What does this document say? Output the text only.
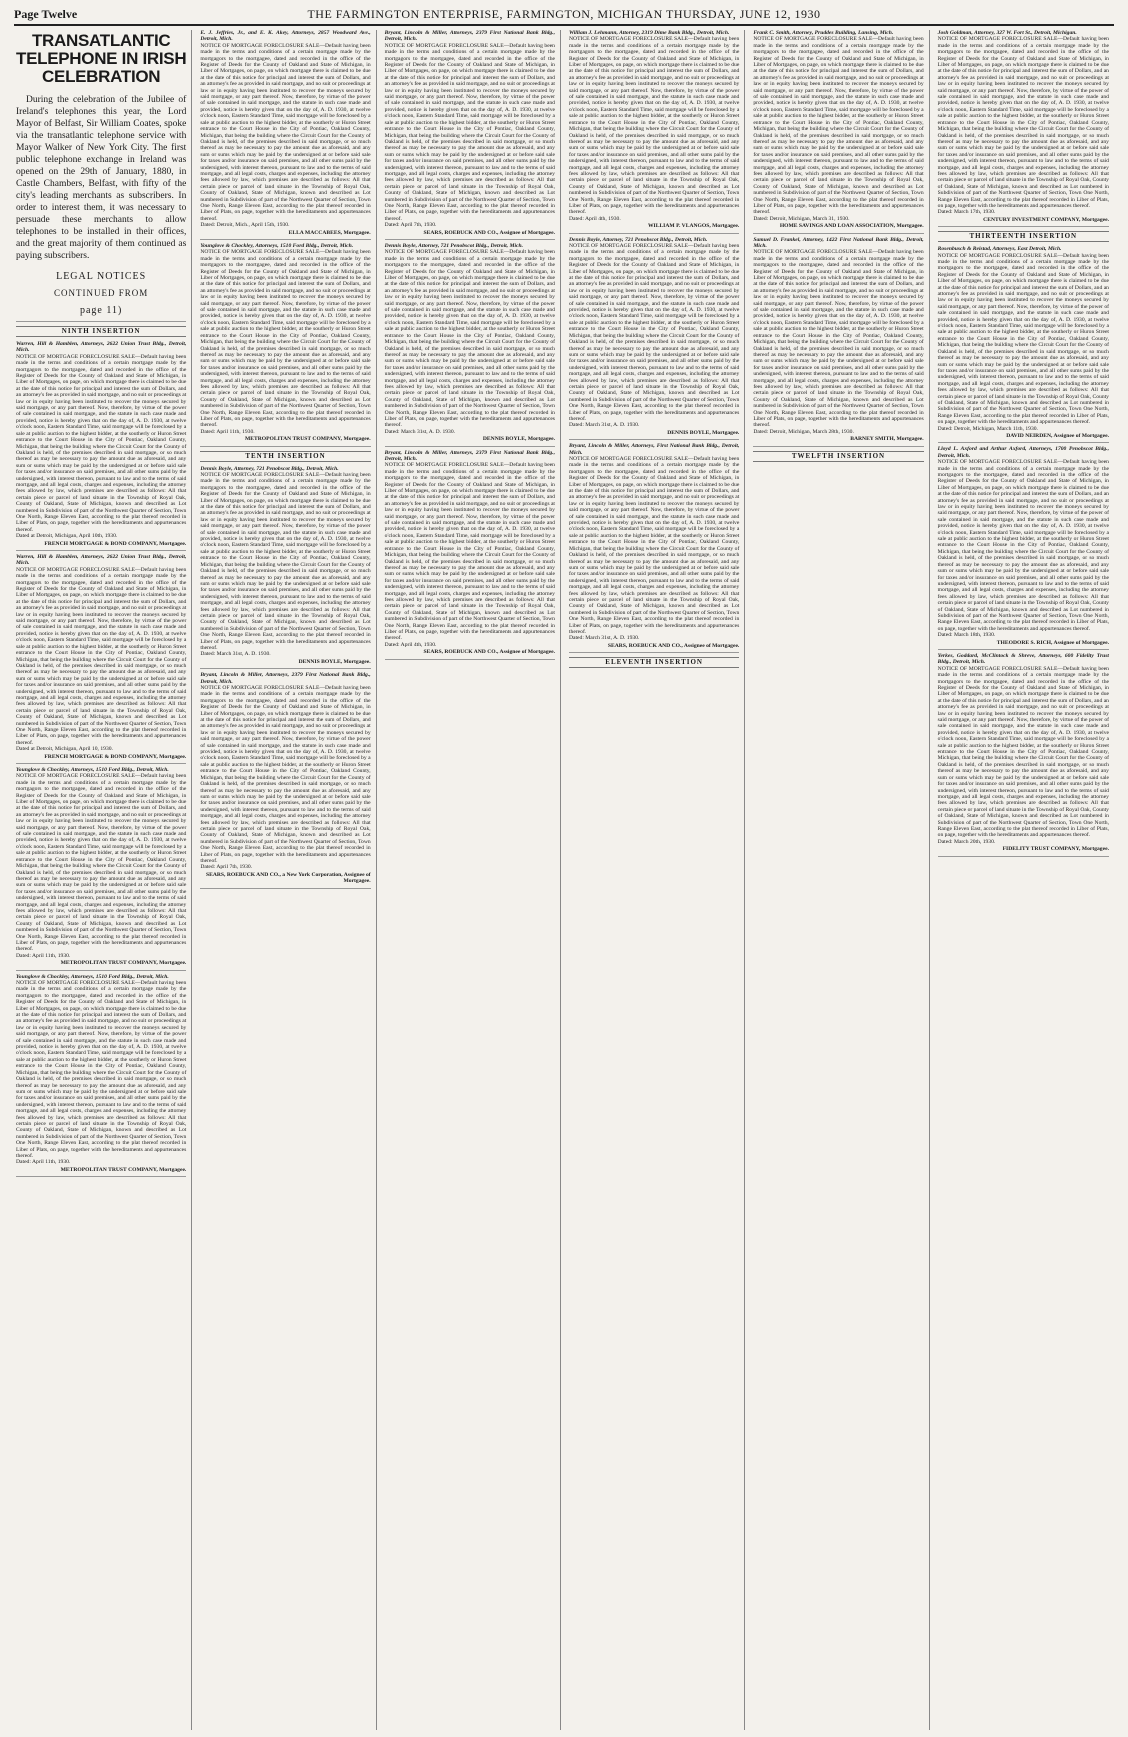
Page Twelve	THE FARMINGTON ENTERPRISE, FARMINGTON, MICHIGAN THURSDAY, JUNE 12, 1930
TRANSATLANTIC TELEPHONE IN IRISH CELEBRATION
During the celebration of the Jubilee of Ireland's telephones this year, the Lord Mayor of Belfast, Sir William Coates, spoke via the transatlantic telephone service with Mayor Walker of New York City. The first public telephone exchange in Ireland was opened on the 29th of January, 1880, in Castle Chambers, Belfast, with fifty of the city's leading merchants as subscribers. In order to interest them, it was necessary to persuade these merchants to allow telephones to be installed in their offices, and the great majority of them continued as paying subscribers.
LEGAL NOTICES
CONTINUED FROM
page 11)
NINTH INSERTION

Warren, Hill & Hamblen, Attorneys, 2622 Union Trust Bldg., Detroit, Mich.

NOTICE OF MORTGAGE FORECLOSURE SALE—Default having been made in the terms and conditions of a certain mortgage made by the mortgagors to the mortgagee, dated and recorded in the office of the Register of Deeds for the County of Oakland and State of Michigan, in Liber of Mortgages, on page, on which mortgage there is claimed to be due at the date of this notice for principal and interest the sum of Dollars, and an attorney's fee as provided in said mortgage, and no suit or proceedings at law or in equity having been instituted to recover the moneys secured by said mortgage, or any part thereof. Now, therefore, by virtue of the power of sale contained in said mortgage, and the statute in such case made and provided, notice is hereby given that on the day of, A. D. 1930, at twelve o'clock noon, Eastern Standard Time, said mortgage will be foreclosed by a sale at public auction to the highest bidder, at the southerly or Huron Street entrance to the Court House in the City of Pontiac, Oakland County, Michigan, that being the building where the Circuit Court for the County of Oakland is held, of the premises described in said mortgage, or so much thereof as may be necessary to pay the amount due as aforesaid, and any sum or sums which may be paid by the undersigned at or before said sale for taxes and/or insurance on said premises, and all other sums paid by the undersigned, with interest thereon, pursuant to law and to the terms of said mortgage, and all legal costs, charges and expenses, including the attorney fees allowed by law, which premises are described as follows: All that certain piece or parcel of land situate in the Township of Royal Oak, County of Oakland, State of Michigan, known and described as Lot numbered in Subdivision of part of the Northwest Quarter of Section, Town One North, Range Eleven East, according to the plat thereof recorded in Liber of Plats, on page, together with the hereditaments and appurtenances thereof.

Dated at Detroit, Michigan, April 10th, 1930.

FRENCH MORTGAGE & BOND COMPANY, Mortgagee.

Warren, Hill & Hamblen, Attorneys, 2622 Union Trust Bldg., Detroit, Mich.

NOTICE OF MORTGAGE FORECLOSURE SALE—Default having been made in the terms and conditions of a certain mortgage made by the mortgagors to the mortgagee, dated and recorded in the office of the Register of Deeds for the County of Oakland and State of Michigan, in Liber of Mortgages, on page, on which mortgage there is claimed to be due at the date of this notice for principal and interest the sum of Dollars, and an attorney's fee as provided in said mortgage, and no suit or proceedings at law or in equity having been instituted to recover the moneys secured by said mortgage, or any part thereof. Now, therefore, by virtue of the power of sale contained in said mortgage, and the statute in such case made and provided, notice is hereby given that on the day of, A. D. 1930, at twelve o'clock noon, Eastern Standard Time, said mortgage will be foreclosed by a sale at public auction to the highest bidder, at the southerly or Huron Street entrance to the Court House in the City of Pontiac, Oakland County, Michigan, that being the building where the Circuit Court for the County of Oakland is held, of the premises described in said mortgage, or so much thereof as may be necessary to pay the amount due as aforesaid, and any sum or sums which may be paid by the undersigned at or before said sale for taxes and/or insurance on said premises, and all other sums paid by the undersigned, with interest thereon, pursuant to law and to the terms of said mortgage, and all legal costs, charges and expenses, including the attorney fees allowed by law, which premises are described as follows: All that certain piece or parcel of land situate in the Township of Royal Oak, County of Oakland, State of Michigan, known and described as Lot numbered in Subdivision of part of the Northwest Quarter of Section, Town One North, Range Eleven East, according to the plat thereof recorded in Liber of Plats, on page, together with the hereditaments and appurtenances thereof.

Dated at Detroit, Michigan, April 10, 1930.

FRENCH MORTGAGE & BOND COMPANY, Mortgagee.

Younglove & Chockley, Attorneys, 1510 Ford Bldg., Detroit, Mich.

NOTICE OF MORTGAGE FORECLOSURE SALE—Default having been made in the terms and conditions of a certain mortgage made by the mortgagors to the mortgagee, dated and recorded in the office of the Register of Deeds for the County of Oakland and State of Michigan, in Liber of Mortgages, on page, on which mortgage there is claimed to be due at the date of this notice for principal and interest the sum of Dollars, and an attorney's fee as provided in said mortgage, and no suit or proceedings at law or in equity having been instituted to recover the moneys secured by said mortgage, or any part thereof. Now, therefore, by virtue of the power of sale contained in said mortgage, and the statute in such case made and provided, notice is hereby given that on the day of, A. D. 1930, at twelve o'clock noon, Eastern Standard Time, said mortgage will be foreclosed by a sale at public auction to the highest bidder, at the southerly or Huron Street entrance to the Court House in the City of Pontiac, Oakland County, Michigan, that being the building where the Circuit Court for the County of Oakland is held, of the premises described in said mortgage, or so much thereof as may be necessary to pay the amount due as aforesaid, and any sum or sums which may be paid by the undersigned at or before said sale for taxes and/or insurance on said premises, and all other sums paid by the undersigned, with interest thereon, pursuant to law and to the terms of said mortgage, and all legal costs, charges and expenses, including the attorney fees allowed by law, which premises are described as follows: All that certain piece or parcel of land situate in the Township of Royal Oak, County of Oakland, State of Michigan, known and described as Lot numbered in Subdivision of part of the Northwest Quarter of Section, Town One North, Range Eleven East, according to the plat thereof recorded in Liber of Plats, on page, together with the hereditaments and appurtenances thereof.

Dated: April 11th, 1930.

METROPOLITAN TRUST COMPANY, Mortgagee.

Younglove & Chockley, Attorneys, 1510 Ford Bldg., Detroit, Mich.

NOTICE OF MORTGAGE FORECLOSURE SALE—Default having been made in the terms and conditions of a certain mortgage made by the mortgagors to the mortgagee, dated and recorded in the office of the Register of Deeds for the County of Oakland and State of Michigan, in Liber of Mortgages, on page, on which mortgage there is claimed to be due at the date of this notice for principal and interest the sum of Dollars, and an attorney's fee as provided in said mortgage, and no suit or proceedings at law or in equity having been instituted to recover the moneys secured by said mortgage, or any part thereof. Now, therefore, by virtue of the power of sale contained in said mortgage, and the statute in such case made and provided, notice is hereby given that on the day of, A. D. 1930, at twelve o'clock noon, Eastern Standard Time, said mortgage will be foreclosed by a sale at public auction to the highest bidder, at the southerly or Huron Street entrance to the Court House in the City of Pontiac, Oakland County, Michigan, that being the building where the Circuit Court for the County of Oakland is held, of the premises described in said mortgage, or so much thereof as may be necessary to pay the amount due as aforesaid, and any sum or sums which may be paid by the undersigned at or before said sale for taxes and/or insurance on said premises, and all other sums paid by the undersigned, with interest thereon, pursuant to law and to the terms of said mortgage, and all legal costs, charges and expenses, including the attorney fees allowed by law, which premises are described as follows: All that certain piece or parcel of land situate in the Township of Royal Oak, County of Oakland, State of Michigan, known and described as Lot numbered in Subdivision of part of the Northwest Quarter of Section, Town One North, Range Eleven East, according to the plat thereof recorded in Liber of Plats, on page, together with the hereditaments and appurtenances thereof.

Dated: April 11th, 1930.

METROPOLITAN TRUST COMPANY, Mortgagee.

E. J. Jeffries, Jr., and E. K. Akey, Attorneys, 2857 Woodward Ave., Detroit, Mich.

NOTICE OF MORTGAGE FORECLOSURE SALE—Default having been made in the terms and conditions of a certain mortgage made by the mortgagors to the mortgagee, dated and recorded in the office of the Register of Deeds for the County of Oakland and State of Michigan, in Liber of Mortgages, on page, on which mortgage there is claimed to be due at the date of this notice for principal and interest the sum of Dollars, and an attorney's fee as provided in said mortgage, and no suit or proceedings at law or in equity having been instituted to recover the moneys secured by said mortgage, or any part thereof. Now, therefore, by virtue of the power of sale contained in said mortgage, and the statute in such case made and provided, notice is hereby given that on the day of, A. D. 1930, at twelve o'clock noon, Eastern Standard Time, said mortgage will be foreclosed by a sale at public auction to the highest bidder, at the southerly or Huron Street entrance to the Court House in the City of Pontiac, Oakland County, Michigan, that being the building where the Circuit Court for the County of Oakland is held, of the premises described in said mortgage, or so much thereof as may be necessary to pay the amount due as aforesaid, and any sum or sums which may be paid by the undersigned at or before said sale for taxes and/or insurance on said premises, and all other sums paid by the undersigned, with interest thereon, pursuant to law and to the terms of said mortgage, and all legal costs, charges and expenses, including the attorney fees allowed by law, which premises are described as follows: All that certain piece or parcel of land situate in the Township of Royal Oak, County of Oakland, State of Michigan, known and described as Lot numbered in Subdivision of part of the Northwest Quarter of Section, Town One North, Range Eleven East, according to the plat thereof recorded in Liber of Plats, on page, together with the hereditaments and appurtenances thereof.

Dated: Detroit, Mich., April 15th, 1930.

ELLA MACCABEES, Mortgagee.

Younglove & Chockley, Attorneys, 1510 Ford Bldg., Detroit, Mich.

NOTICE OF MORTGAGE FORECLOSURE SALE—Default having been made in the terms and conditions of a certain mortgage made by the mortgagors to the mortgagee, dated and recorded in the office of the Register of Deeds for the County of Oakland and State of Michigan, in Liber of Mortgages, on page, on which mortgage there is claimed to be due at the date of this notice for principal and interest the sum of Dollars, and an attorney's fee as provided in said mortgage, and no suit or proceedings at law or in equity having been instituted to recover the moneys secured by said mortgage, or any part thereof. Now, therefore, by virtue of the power of sale contained in said mortgage, and the statute in such case made and provided, notice is hereby given that on the day of, A. D. 1930, at twelve o'clock noon, Eastern Standard Time, said mortgage will be foreclosed by a sale at public auction to the highest bidder, at the southerly or Huron Street entrance to the Court House in the City of Pontiac, Oakland County, Michigan, that being the building where the Circuit Court for the County of Oakland is held, of the premises described in said mortgage, or so much thereof as may be necessary to pay the amount due as aforesaid, and any sum or sums which may be paid by the undersigned at or before said sale for taxes and/or insurance on said premises, and all other sums paid by the undersigned, with interest thereon, pursuant to law and to the terms of said mortgage, and all legal costs, charges and expenses, including the attorney fees allowed by law, which premises are described as follows: All that certain piece or parcel of land situate in the Township of Royal Oak, County of Oakland, State of Michigan, known and described as Lot numbered in Subdivision of part of the Northwest Quarter of Section, Town One North, Range Eleven East, according to the plat thereof recorded in Liber of Plats, on page, together with the hereditaments and appurtenances thereof.

Dated: April 11th, 1930.

METROPOLITAN TRUST COMPANY, Mortgagee.

TENTH INSERTION

Dennis Boyle, Attorney, 721 Penobscot Bldg., Detroit, Mich.

NOTICE OF MORTGAGE FORECLOSURE SALE—Default having been made in the terms and conditions of a certain mortgage made by the mortgagors to the mortgagee, dated and recorded in the office of the Register of Deeds for the County of Oakland and State of Michigan, in Liber of Mortgages, on page, on which mortgage there is claimed to be due at the date of this notice for principal and interest the sum of Dollars, and an attorney's fee as provided in said mortgage, and no suit or proceedings at law or in equity having been instituted to recover the moneys secured by said mortgage, or any part thereof. Now, therefore, by virtue of the power of sale contained in said mortgage, and the statute in such case made and provided, notice is hereby given that on the day of, A. D. 1930, at twelve o'clock noon, Eastern Standard Time, said mortgage will be foreclosed by a sale at public auction to the highest bidder, at the southerly or Huron Street entrance to the Court House in the City of Pontiac, Oakland County, Michigan, that being the building where the Circuit Court for the County of Oakland is held, of the premises described in said mortgage, or so much thereof as may be necessary to pay the amount due as aforesaid, and any sum or sums which may be paid by the undersigned at or before said sale for taxes and/or insurance on said premises, and all other sums paid by the undersigned, with interest thereon, pursuant to law and to the terms of said mortgage, and all legal costs, charges and expenses, including the attorney fees allowed by law, which premises are described as follows: All that certain piece or parcel of land situate in the Township of Royal Oak, County of Oakland, State of Michigan, known and described as Lot numbered in Subdivision of part of the Northwest Quarter of Section, Town One North, Range Eleven East, according to the plat thereof recorded in Liber of Plats, on page, together with the hereditaments and appurtenances thereof.

Dated: March 31st, A. D. 1930.

DENNIS BOYLE, Mortgagee.

Bryant, Lincoln & Miller, Attorneys, 2379 First National Bank Bldg., Detroit, Mich.

NOTICE OF MORTGAGE FORECLOSURE SALE—Default having been made in the terms and conditions of a certain mortgage made by the mortgagors to the mortgagee, dated and recorded in the office of the Register of Deeds for the County of Oakland and State of Michigan, in Liber of Mortgages, on page, on which mortgage there is claimed to be due at the date of this notice for principal and interest the sum of Dollars, and an attorney's fee as provided in said mortgage, and no suit or proceedings at law or in equity having been instituted to recover the moneys secured by said mortgage, or any part thereof. Now, therefore, by virtue of the power of sale contained in said mortgage, and the statute in such case made and provided, notice is hereby given that on the day of, A. D. 1930, at twelve o'clock noon, Eastern Standard Time, said mortgage will be foreclosed by a sale at public auction to the highest bidder, at the southerly or Huron Street entrance to the Court House in the City of Pontiac, Oakland County, Michigan, that being the building where the Circuit Court for the County of Oakland is held, of the premises described in said mortgage, or so much thereof as may be necessary to pay the amount due as aforesaid, and any sum or sums which may be paid by the undersigned at or before said sale for taxes and/or insurance on said premises, and all other sums paid by the undersigned, with interest thereon, pursuant to law and to the terms of said mortgage, and all legal costs, charges and expenses, including the attorney fees allowed by law, which premises are described as follows: All that certain piece or parcel of land situate in the Township of Royal Oak, County of Oakland, State of Michigan, known and described as Lot numbered in Subdivision of part of the Northwest Quarter of Section, Town One North, Range Eleven East, according to the plat thereof recorded in Liber of Plats, on page, together with the hereditaments and appurtenances thereof.

Dated: April 7th, 1930.

SEARS, ROEBUCK AND CO., a New York Corporation, Assignee of Mortgagee.

Bryant, Lincoln & Miller, Attorneys, 2379 First National Bank Bldg., Detroit, Mich.

NOTICE OF MORTGAGE FORECLOSURE SALE—Default having been made in the terms and conditions of a certain mortgage made by the mortgagors to the mortgagee, dated and recorded in the office of the Register of Deeds for the County of Oakland and State of Michigan, in Liber of Mortgages, on page, on which mortgage there is claimed to be due at the date of this notice for principal and interest the sum of Dollars, and an attorney's fee as provided in said mortgage, and no suit or proceedings at law or in equity having been instituted to recover the moneys secured by said mortgage, or any part thereof. Now, therefore, by virtue of the power of sale contained in said mortgage, and the statute in such case made and provided, notice is hereby given that on the day of, A. D. 1930, at twelve o'clock noon, Eastern Standard Time, said mortgage will be foreclosed by a sale at public auction to the highest bidder, at the southerly or Huron Street entrance to the Court House in the City of Pontiac, Oakland County, Michigan, that being the building where the Circuit Court for the County of Oakland is held, of the premises described in said mortgage, or so much thereof as may be necessary to pay the amount due as aforesaid, and any sum or sums which may be paid by the undersigned at or before said sale for taxes and/or insurance on said premises, and all other sums paid by the undersigned, with interest thereon, pursuant to law and to the terms of said mortgage, and all legal costs, charges and expenses, including the attorney fees allowed by law, which premises are described as follows: All that certain piece or parcel of land situate in the Township of Royal Oak, County of Oakland, State of Michigan, known and described as Lot numbered in Subdivision of part of the Northwest Quarter of Section, Town One North, Range Eleven East, according to the plat thereof recorded in Liber of Plats, on page, together with the hereditaments and appurtenances thereof.

Dated: April 7th, 1930.

SEARS, ROEBUCK AND CO., Assignee of Mortgagee.

Dennis Boyle, Attorney, 721 Penobscot Bldg., Detroit, Mich.

NOTICE OF MORTGAGE FORECLOSURE SALE—Default having been made in the terms and conditions of a certain mortgage made by the mortgagors to the mortgagee, dated and recorded in the office of the Register of Deeds for the County of Oakland and State of Michigan, in Liber of Mortgages, on page, on which mortgage there is claimed to be due at the date of this notice for principal and interest the sum of Dollars, and an attorney's fee as provided in said mortgage, and no suit or proceedings at law or in equity having been instituted to recover the moneys secured by said mortgage, or any part thereof. Now, therefore, by virtue of the power of sale contained in said mortgage, and the statute in such case made and provided, notice is hereby given that on the day of, A. D. 1930, at twelve o'clock noon, Eastern Standard Time, said mortgage will be foreclosed by a sale at public auction to the highest bidder, at the southerly or Huron Street entrance to the Court House in the City of Pontiac, Oakland County, Michigan, that being the building where the Circuit Court for the County of Oakland is held, of the premises described in said mortgage, or so much thereof as may be necessary to pay the amount due as aforesaid, and any sum or sums which may be paid by the undersigned at or before said sale for taxes and/or insurance on said premises, and all other sums paid by the undersigned, with interest thereon, pursuant to law and to the terms of said mortgage, and all legal costs, charges and expenses, including the attorney fees allowed by law, which premises are described as follows: All that certain piece or parcel of land situate in the Township of Royal Oak, County of Oakland, State of Michigan, known and described as Lot numbered in Subdivision of part of the Northwest Quarter of Section, Town One North, Range Eleven East, according to the plat thereof recorded in Liber of Plats, on page, together with the hereditaments and appurtenances thereof.

Dated: March 31st, A. D. 1930.

DENNIS BOYLE, Mortgagee.

Bryant, Lincoln & Miller, Attorneys, 2379 First National Bank Bldg., Detroit, Mich.

NOTICE OF MORTGAGE FORECLOSURE SALE—Default having been made in the terms and conditions of a certain mortgage made by the mortgagors to the mortgagee, dated and recorded in the office of the Register of Deeds for the County of Oakland and State of Michigan, in Liber of Mortgages, on page, on which mortgage there is claimed to be due at the date of this notice for principal and interest the sum of Dollars, and an attorney's fee as provided in said mortgage, and no suit or proceedings at law or in equity having been instituted to recover the moneys secured by said mortgage, or any part thereof. Now, therefore, by virtue of the power of sale contained in said mortgage, and the statute in such case made and provided, notice is hereby given that on the day of, A. D. 1930, at twelve o'clock noon, Eastern Standard Time, said mortgage will be foreclosed by a sale at public auction to the highest bidder, at the southerly or Huron Street entrance to the Court House in the City of Pontiac, Oakland County, Michigan, that being the building where the Circuit Court for the County of Oakland is held, of the premises described in said mortgage, or so much thereof as may be necessary to pay the amount due as aforesaid, and any sum or sums which may be paid by the undersigned at or before said sale for taxes and/or insurance on said premises, and all other sums paid by the undersigned, with interest thereon, pursuant to law and to the terms of said mortgage, and all legal costs, charges and expenses, including the attorney fees allowed by law, which premises are described as follows: All that certain piece or parcel of land situate in the Township of Royal Oak, County of Oakland, State of Michigan, known and described as Lot numbered in Subdivision of part of the Northwest Quarter of Section, Town One North, Range Eleven East, according to the plat thereof recorded in Liber of Plats, on page, together with the hereditaments and appurtenances thereof.

Dated: April 4th, 1930.

SEARS, ROEBUCK AND CO., Assignee of Mortgagee.

William J. Lehmann, Attorney, 2319 Dime Bank Bldg., Detroit, Mich.

NOTICE OF MORTGAGE FORECLOSURE SALE—Default having been made in the terms and conditions of a certain mortgage made by the mortgagors to the mortgagee, dated and recorded in the office of the Register of Deeds for the County of Oakland and State of Michigan, in Liber of Mortgages, on page, on which mortgage there is claimed to be due at the date of this notice for principal and interest the sum of Dollars, and an attorney's fee as provided in said mortgage, and no suit or proceedings at law or in equity having been instituted to recover the moneys secured by said mortgage, or any part thereof. Now, therefore, by virtue of the power of sale contained in said mortgage, and the statute in such case made and provided, notice is hereby given that on the day of, A. D. 1930, at twelve o'clock noon, Eastern Standard Time, said mortgage will be foreclosed by a sale at public auction to the highest bidder, at the southerly or Huron Street entrance to the Court House in the City of Pontiac, Oakland County, Michigan, that being the building where the Circuit Court for the County of Oakland is held, of the premises described in said mortgage, or so much thereof as may be necessary to pay the amount due as aforesaid, and any sum or sums which may be paid by the undersigned at or before said sale for taxes and/or insurance on said premises, and all other sums paid by the undersigned, with interest thereon, pursuant to law and to the terms of said mortgage, and all legal costs, charges and expenses, including the attorney fees allowed by law, which premises are described as follows: All that certain piece or parcel of land situate in the Township of Royal Oak, County of Oakland, State of Michigan, known and described as Lot numbered in Subdivision of part of the Northwest Quarter of Section, Town One North, Range Eleven East, according to the plat thereof recorded in Liber of Plats, on page, together with the hereditaments and appurtenances thereof.

Dated: April 4th, 1930.

WILLIAM P. VLANGOS, Mortgagee.

Dennis Boyle, Attorney, 721 Penobscot Bldg., Detroit, Mich.

NOTICE OF MORTGAGE FORECLOSURE SALE—Default having been made in the terms and conditions of a certain mortgage made by the mortgagors to the mortgagee, dated and recorded in the office of the Register of Deeds for the County of Oakland and State of Michigan, in Liber of Mortgages, on page, on which mortgage there is claimed to be due at the date of this notice for principal and interest the sum of Dollars, and an attorney's fee as provided in said mortgage, and no suit or proceedings at law or in equity having been instituted to recover the moneys secured by said mortgage, or any part thereof. Now, therefore, by virtue of the power of sale contained in said mortgage, and the statute in such case made and provided, notice is hereby given that on the day of, A. D. 1930, at twelve o'clock noon, Eastern Standard Time, said mortgage will be foreclosed by a sale at public auction to the highest bidder, at the southerly or Huron Street entrance to the Court House in the City of Pontiac, Oakland County, Michigan, that being the building where the Circuit Court for the County of Oakland is held, of the premises described in said mortgage, or so much thereof as may be necessary to pay the amount due as aforesaid, and any sum or sums which may be paid by the undersigned at or before said sale for taxes and/or insurance on said premises, and all other sums paid by the undersigned, with interest thereon, pursuant to law and to the terms of said mortgage, and all legal costs, charges and expenses, including the attorney fees allowed by law, which premises are described as follows: All that certain piece or parcel of land situate in the Township of Royal Oak, County of Oakland, State of Michigan, known and described as Lot numbered in Subdivision of part of the Northwest Quarter of Section, Town One North, Range Eleven East, according to the plat thereof recorded in Liber of Plats, on page, together with the hereditaments and appurtenances thereof.

Dated: March 31st, A. D. 1930.

DENNIS BOYLE, Mortgagee.

Bryant, Lincoln & Miller, Attorneys, First National Bank Bldg., Detroit, Mich.

NOTICE OF MORTGAGE FORECLOSURE SALE—Default having been made in the terms and conditions of a certain mortgage made by the mortgagors to the mortgagee, dated and recorded in the office of the Register of Deeds for the County of Oakland and State of Michigan, in Liber of Mortgages, on page, on which mortgage there is claimed to be due at the date of this notice for principal and interest the sum of Dollars, and an attorney's fee as provided in said mortgage, and no suit or proceedings at law or in equity having been instituted to recover the moneys secured by said mortgage, or any part thereof. Now, therefore, by virtue of the power of sale contained in said mortgage, and the statute in such case made and provided, notice is hereby given that on the day of, A. D. 1930, at twelve o'clock noon, Eastern Standard Time, said mortgage will be foreclosed by a sale at public auction to the highest bidder, at the southerly or Huron Street entrance to the Court House in the City of Pontiac, Oakland County, Michigan, that being the building where the Circuit Court for the County of Oakland is held, of the premises described in said mortgage, or so much thereof as may be necessary to pay the amount due as aforesaid, and any sum or sums which may be paid by the undersigned at or before said sale for taxes and/or insurance on said premises, and all other sums paid by the undersigned, with interest thereon, pursuant to law and to the terms of said mortgage, and all legal costs, charges and expenses, including the attorney fees allowed by law, which premises are described as follows: All that certain piece or parcel of land situate in the Township of Royal Oak, County of Oakland, State of Michigan, known and described as Lot numbered in Subdivision of part of the Northwest Quarter of Section, Town One North, Range Eleven East, according to the plat thereof recorded in Liber of Plats, on page, together with the hereditaments and appurtenances thereof.

Dated: March 31st, A. D. 1930.

SEARS, ROEBUCK AND CO., Assignee of Mortgagee.

ELEVENTH INSERTION

Frank C. Smith, Attorney, Pruddes Building, Lansing, Mich.

NOTICE OF MORTGAGE FORECLOSURE SALE—Default having been made in the terms and conditions of a certain mortgage made by the mortgagors to the mortgagee, dated and recorded in the office of the Register of Deeds for the County of Oakland and State of Michigan, in Liber of Mortgages, on page, on which mortgage there is claimed to be due at the date of this notice for principal and interest the sum of Dollars, and an attorney's fee as provided in said mortgage, and no suit or proceedings at law or in equity having been instituted to recover the moneys secured by said mortgage, or any part thereof. Now, therefore, by virtue of the power of sale contained in said mortgage, and the statute in such case made and provided, notice is hereby given that on the day of, A. D. 1930, at twelve o'clock noon, Eastern Standard Time, said mortgage will be foreclosed by a sale at public auction to the highest bidder, at the southerly or Huron Street entrance to the Court House in the City of Pontiac, Oakland County, Michigan, that being the building where the Circuit Court for the County of Oakland is held, of the premises described in said mortgage, or so much thereof as may be necessary to pay the amount due as aforesaid, and any sum or sums which may be paid by the undersigned at or before said sale for taxes and/or insurance on said premises, and all other sums paid by the undersigned, with interest thereon, pursuant to law and to the terms of said mortgage, and all legal costs, charges and expenses, including the attorney fees allowed by law, which premises are described as follows: All that certain piece or parcel of land situate in the Township of Royal Oak, County of Oakland, State of Michigan, known and described as Lot numbered in Subdivision of part of the Northwest Quarter of Section, Town One North, Range Eleven East, according to the plat thereof recorded in Liber of Plats, on page, together with the hereditaments and appurtenances thereof.

Dated: Detroit, Michigan, March 31, 1930.

HOME SAVINGS AND LOAN ASSOCIATION, Mortgagee.

Samuel D. Frankel, Attorney, 1422 First National Bank Bldg., Detroit, Mich.

NOTICE OF MORTGAGE FORECLOSURE SALE—Default having been made in the terms and conditions of a certain mortgage made by the mortgagors to the mortgagee, dated and recorded in the office of the Register of Deeds for the County of Oakland and State of Michigan, in Liber of Mortgages, on page, on which mortgage there is claimed to be due at the date of this notice for principal and interest the sum of Dollars, and an attorney's fee as provided in said mortgage, and no suit or proceedings at law or in equity having been instituted to recover the moneys secured by said mortgage, or any part thereof. Now, therefore, by virtue of the power of sale contained in said mortgage, and the statute in such case made and provided, notice is hereby given that on the day of, A. D. 1930, at twelve o'clock noon, Eastern Standard Time, said mortgage will be foreclosed by a sale at public auction to the highest bidder, at the southerly or Huron Street entrance to the Court House in the City of Pontiac, Oakland County, Michigan, that being the building where the Circuit Court for the County of Oakland is held, of the premises described in said mortgage, or so much thereof as may be necessary to pay the amount due as aforesaid, and any sum or sums which may be paid by the undersigned at or before said sale for taxes and/or insurance on said premises, and all other sums paid by the undersigned, with interest thereon, pursuant to law and to the terms of said mortgage, and all legal costs, charges and expenses, including the attorney fees allowed by law, which premises are described as follows: All that certain piece or parcel of land situate in the Township of Royal Oak, County of Oakland, State of Michigan, known and described as Lot numbered in Subdivision of part of the Northwest Quarter of Section, Town One North, Range Eleven East, according to the plat thereof recorded in Liber of Plats, on page, together with the hereditaments and appurtenances thereof.

Dated: Detroit, Michigan, March 28th, 1930.

BARNEY SMITH, Mortgagee.

TWELFTH INSERTION

Josh Goldman, Attorney, 327 W. Fort St., Detroit, Michigan.

NOTICE OF MORTGAGE FORECLOSURE SALE—Default having been made in the terms and conditions of a certain mortgage made by the mortgagors to the mortgagee, dated and recorded in the office of the Register of Deeds for the County of Oakland and State of Michigan, in Liber of Mortgages, on page, on which mortgage there is claimed to be due at the date of this notice for principal and interest the sum of Dollars, and an attorney's fee as provided in said mortgage, and no suit or proceedings at law or in equity having been instituted to recover the moneys secured by said mortgage, or any part thereof. Now, therefore, by virtue of the power of sale contained in said mortgage, and the statute in such case made and provided, notice is hereby given that on the day of, A. D. 1930, at twelve o'clock noon, Eastern Standard Time, said mortgage will be foreclosed by a sale at public auction to the highest bidder, at the southerly or Huron Street entrance to the Court House in the City of Pontiac, Oakland County, Michigan, that being the building where the Circuit Court for the County of Oakland is held, of the premises described in said mortgage, or so much thereof as may be necessary to pay the amount due as aforesaid, and any sum or sums which may be paid by the undersigned at or before said sale for taxes and/or insurance on said premises, and all other sums paid by the undersigned, with interest thereon, pursuant to law and to the terms of said mortgage, and all legal costs, charges and expenses, including the attorney fees allowed by law, which premises are described as follows: All that certain piece or parcel of land situate in the Township of Royal Oak, County of Oakland, State of Michigan, known and described as Lot numbered in Subdivision of part of the Northwest Quarter of Section, Town One North, Range Eleven East, according to the plat thereof recorded in Liber of Plats, on page, together with the hereditaments and appurtenances thereof.

Dated: March 17th, 1930.

CENTURY INVESTMENT COMPANY, Mortgagee.

THIRTEENTH INSERTION

Rosenbusch & Reistad, Attorneys, East Detroit, Mich.

NOTICE OF MORTGAGE FORECLOSURE SALE—Default having been made in the terms and conditions of a certain mortgage made by the mortgagors to the mortgagee, dated and recorded in the office of the Register of Deeds for the County of Oakland and State of Michigan, in Liber of Mortgages, on page, on which mortgage there is claimed to be due at the date of this notice for principal and interest the sum of Dollars, and an attorney's fee as provided in said mortgage, and no suit or proceedings at law or in equity having been instituted to recover the moneys secured by said mortgage, or any part thereof. Now, therefore, by virtue of the power of sale contained in said mortgage, and the statute in such case made and provided, notice is hereby given that on the day of, A. D. 1930, at twelve o'clock noon, Eastern Standard Time, said mortgage will be foreclosed by a sale at public auction to the highest bidder, at the southerly or Huron Street entrance to the Court House in the City of Pontiac, Oakland County, Michigan, that being the building where the Circuit Court for the County of Oakland is held, of the premises described in said mortgage, or so much thereof as may be necessary to pay the amount due as aforesaid, and any sum or sums which may be paid by the undersigned at or before said sale for taxes and/or insurance on said premises, and all other sums paid by the undersigned, with interest thereon, pursuant to law and to the terms of said mortgage, and all legal costs, charges and expenses, including the attorney fees allowed by law, which premises are described as follows: All that certain piece or parcel of land situate in the Township of Royal Oak, County of Oakland, State of Michigan, known and described as Lot numbered in Subdivision of part of the Northwest Quarter of Section, Town One North, Range Eleven East, according to the plat thereof recorded in Liber of Plats, on page, together with the hereditaments and appurtenances thereof.

Dated: Detroit, Michigan, March 11th, 1930.

DAVID NEIRDEN, Assignee of Mortgagee.

Lloyd L. Axford and Arthur Axford, Attorneys, 1700 Penobscot Bldg., Detroit, Mich.

NOTICE OF MORTGAGE FORECLOSURE SALE—Default having been made in the terms and conditions of a certain mortgage made by the mortgagors to the mortgagee, dated and recorded in the office of the Register of Deeds for the County of Oakland and State of Michigan, in Liber of Mortgages, on page, on which mortgage there is claimed to be due at the date of this notice for principal and interest the sum of Dollars, and an attorney's fee as provided in said mortgage, and no suit or proceedings at law or in equity having been instituted to recover the moneys secured by said mortgage, or any part thereof. Now, therefore, by virtue of the power of sale contained in said mortgage, and the statute in such case made and provided, notice is hereby given that on the day of, A. D. 1930, at twelve o'clock noon, Eastern Standard Time, said mortgage will be foreclosed by a sale at public auction to the highest bidder, at the southerly or Huron Street entrance to the Court House in the City of Pontiac, Oakland County, Michigan, that being the building where the Circuit Court for the County of Oakland is held, of the premises described in said mortgage, or so much thereof as may be necessary to pay the amount due as aforesaid, and any sum or sums which may be paid by the undersigned at or before said sale for taxes and/or insurance on said premises, and all other sums paid by the undersigned, with interest thereon, pursuant to law and to the terms of said mortgage, and all legal costs, charges and expenses, including the attorney fees allowed by law, which premises are described as follows: All that certain piece or parcel of land situate in the Township of Royal Oak, County of Oakland, State of Michigan, known and described as Lot numbered in Subdivision of part of the Northwest Quarter of Section, Town One North, Range Eleven East, according to the plat thereof recorded in Liber of Plats, on page, together with the hereditaments and appurtenances thereof.

Dated: March 18th, 1930.

THEODORE S. RICH, Assignee of Mortgagee.

Yerkes, Goddard, McClintock & Shreve, Attorneys, 600 Fidelity Trust Bldg., Detroit, Mich.

NOTICE OF MORTGAGE FORECLOSURE SALE—Default having been made in the terms and conditions of a certain mortgage made by the mortgagors to the mortgagee, dated and recorded in the office of the Register of Deeds for the County of Oakland and State of Michigan, in Liber of Mortgages, on page, on which mortgage there is claimed to be due at the date of this notice for principal and interest the sum of Dollars, and an attorney's fee as provided in said mortgage, and no suit or proceedings at law or in equity having been instituted to recover the moneys secured by said mortgage, or any part thereof. Now, therefore, by virtue of the power of sale contained in said mortgage, and the statute in such case made and provided, notice is hereby given that on the day of, A. D. 1930, at twelve o'clock noon, Eastern Standard Time, said mortgage will be foreclosed by a sale at public auction to the highest bidder, at the southerly or Huron Street entrance to the Court House in the City of Pontiac, Oakland County, Michigan, that being the building where the Circuit Court for the County of Oakland is held, of the premises described in said mortgage, or so much thereof as may be necessary to pay the amount due as aforesaid, and any sum or sums which may be paid by the undersigned at or before said sale for taxes and/or insurance on said premises, and all other sums paid by the undersigned, with interest thereon, pursuant to law and to the terms of said mortgage, and all legal costs, charges and expenses, including the attorney fees allowed by law, which premises are described as follows: All that certain piece or parcel of land situate in the Township of Royal Oak, County of Oakland, State of Michigan, known and described as Lot numbered in Subdivision of part of the Northwest Quarter of Section, Town One North, Range Eleven East, according to the plat thereof recorded in Liber of Plats, on page, together with the hereditaments and appurtenances thereof.

Dated: March 20th, 1930.

FIDELITY TRUST COMPANY, Mortgagee.
